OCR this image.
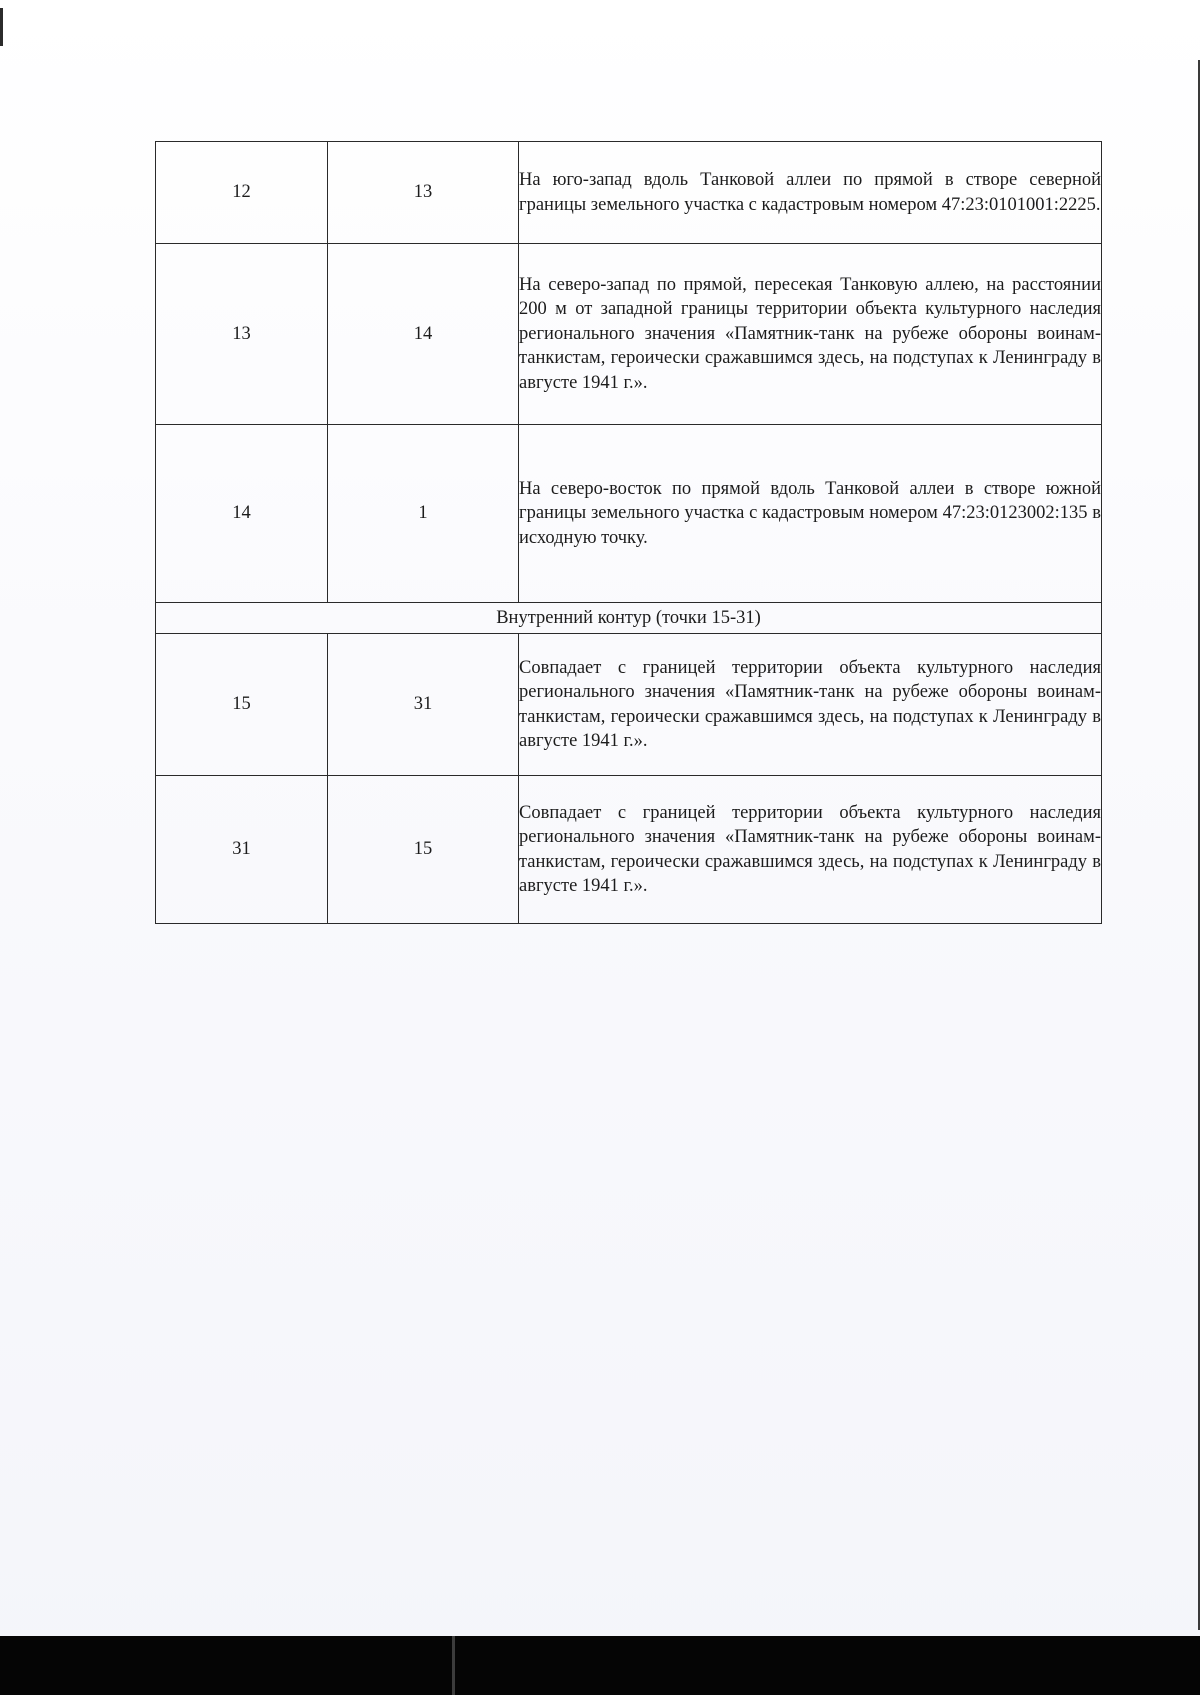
12	13	На юго-запад вдоль Танковой аллеи по прямой в створе северной границы земельного участка с кадастровым номером 47:23:0101001:2225.
13	14	На северо-запад по прямой, пересекая Танковую аллею, на расстоянии 200 м от западной границы территории объекта культурного наследия регионального значения «Памятник-танк на рубеже обороны воинам-танкистам, героически сражавшимся здесь, на подступах к Ленинграду в августе 1941 г.».
14	1	На северо-восток по прямой вдоль Танковой аллеи в створе южной границы земельного участка с кадастровым номером 47:23:0123002:135 в исходную точку.
Внутренний контур (точки 15-31)		
15	31	Совпадает с границей территории объекта культурного наследия регионального значения «Памятник-танк на рубеже обороны воинам-танкистам, героически сражавшимся здесь, на подступах к Ленинграду в августе 1941 г.».
31	15	Совпадает с границей территории объекта культурного наследия регионального значения «Памятник-танк на рубеже обороны воинам-танкистам, героически сражавшимся здесь, на подступах к Ленинграду в августе 1941 г.».
